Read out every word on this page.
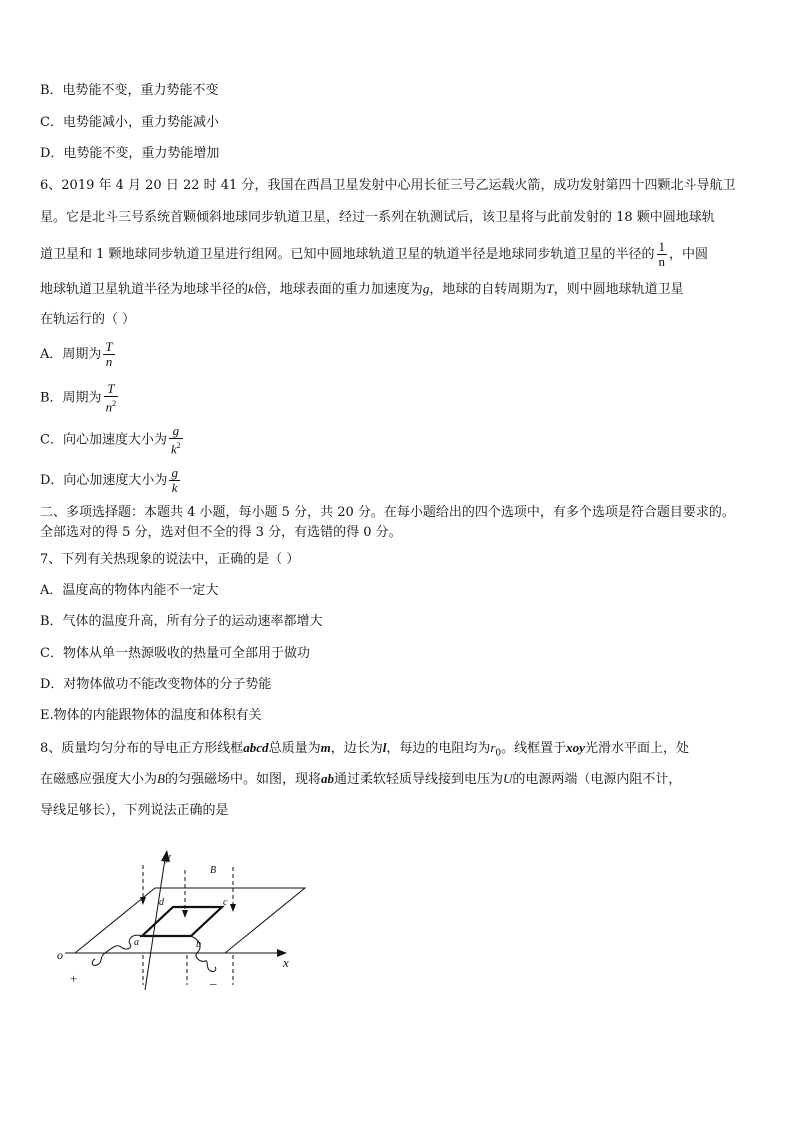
B．电势能不变，重力势能不变
C．电势能减小，重力势能减小
D．电势能不变，重力势能增加
6、2019 年 4 月 20 日 22 时 41 分，我国在西昌卫星发射中心用长征三号乙运载火箭，成功发射第四十四颗北斗导航卫
星。它是北斗三号系统首颗倾斜地球同步轨道卫星，经过一系列在轨测试后，该卫星将与此前发射的 18 颗中圆地球轨
道卫星和 1 颗地球同步轨道卫星进行组网。已知中圆地球轨道卫星的轨道半径是地球同步轨道卫星的半径的 $\frac{1}{n}$ ，中圆
地球轨道卫星轨道半径为地球半径的k倍，地球表面的重力加速度为g，地球的自转周期为T，则中圆地球轨道卫星
在轨运行的（ ）
A．周期为 $\frac{T}{n}$
B．周期为 $\frac{T}{n^2}$
C．向心加速度大小为 $\frac{g}{k^2}$
D．向心加速度大小为 $\frac{g}{k}$
二、多项选择题：本题共 4 小题，每小题 5 分，共 20 分。在每小题给出的四个选项中，有多个选项是符合题目要求的。
全部选对的得 5 分，选对但不全的得 3 分，有选错的得 0 分。
7、下列有关热现象的说法中，正确的是（ ）
A．温度高的物体内能不一定大
B．气体的温度升高，所有分子的运动速率都增大
C．物体从单一热源吸收的热量可全部用于做功
D．对物体做功不能改变物体的分子势能
E.物体的内能跟物体的温度和体积有关
8、质量均匀分布的导电正方形线框abcd总质量为m，边长为l，每边的电阻均为$r_0$。线框置于xoy光滑水平面上，处
在磁感应强度大小为B的匀强磁场中。如图，现将ab通过柔软轻质导线接到电压为U的电源两端（电源内阻不计，
导线足够长），下列说法正确的是
y
B
d	c
a	b
o	x
+	_
